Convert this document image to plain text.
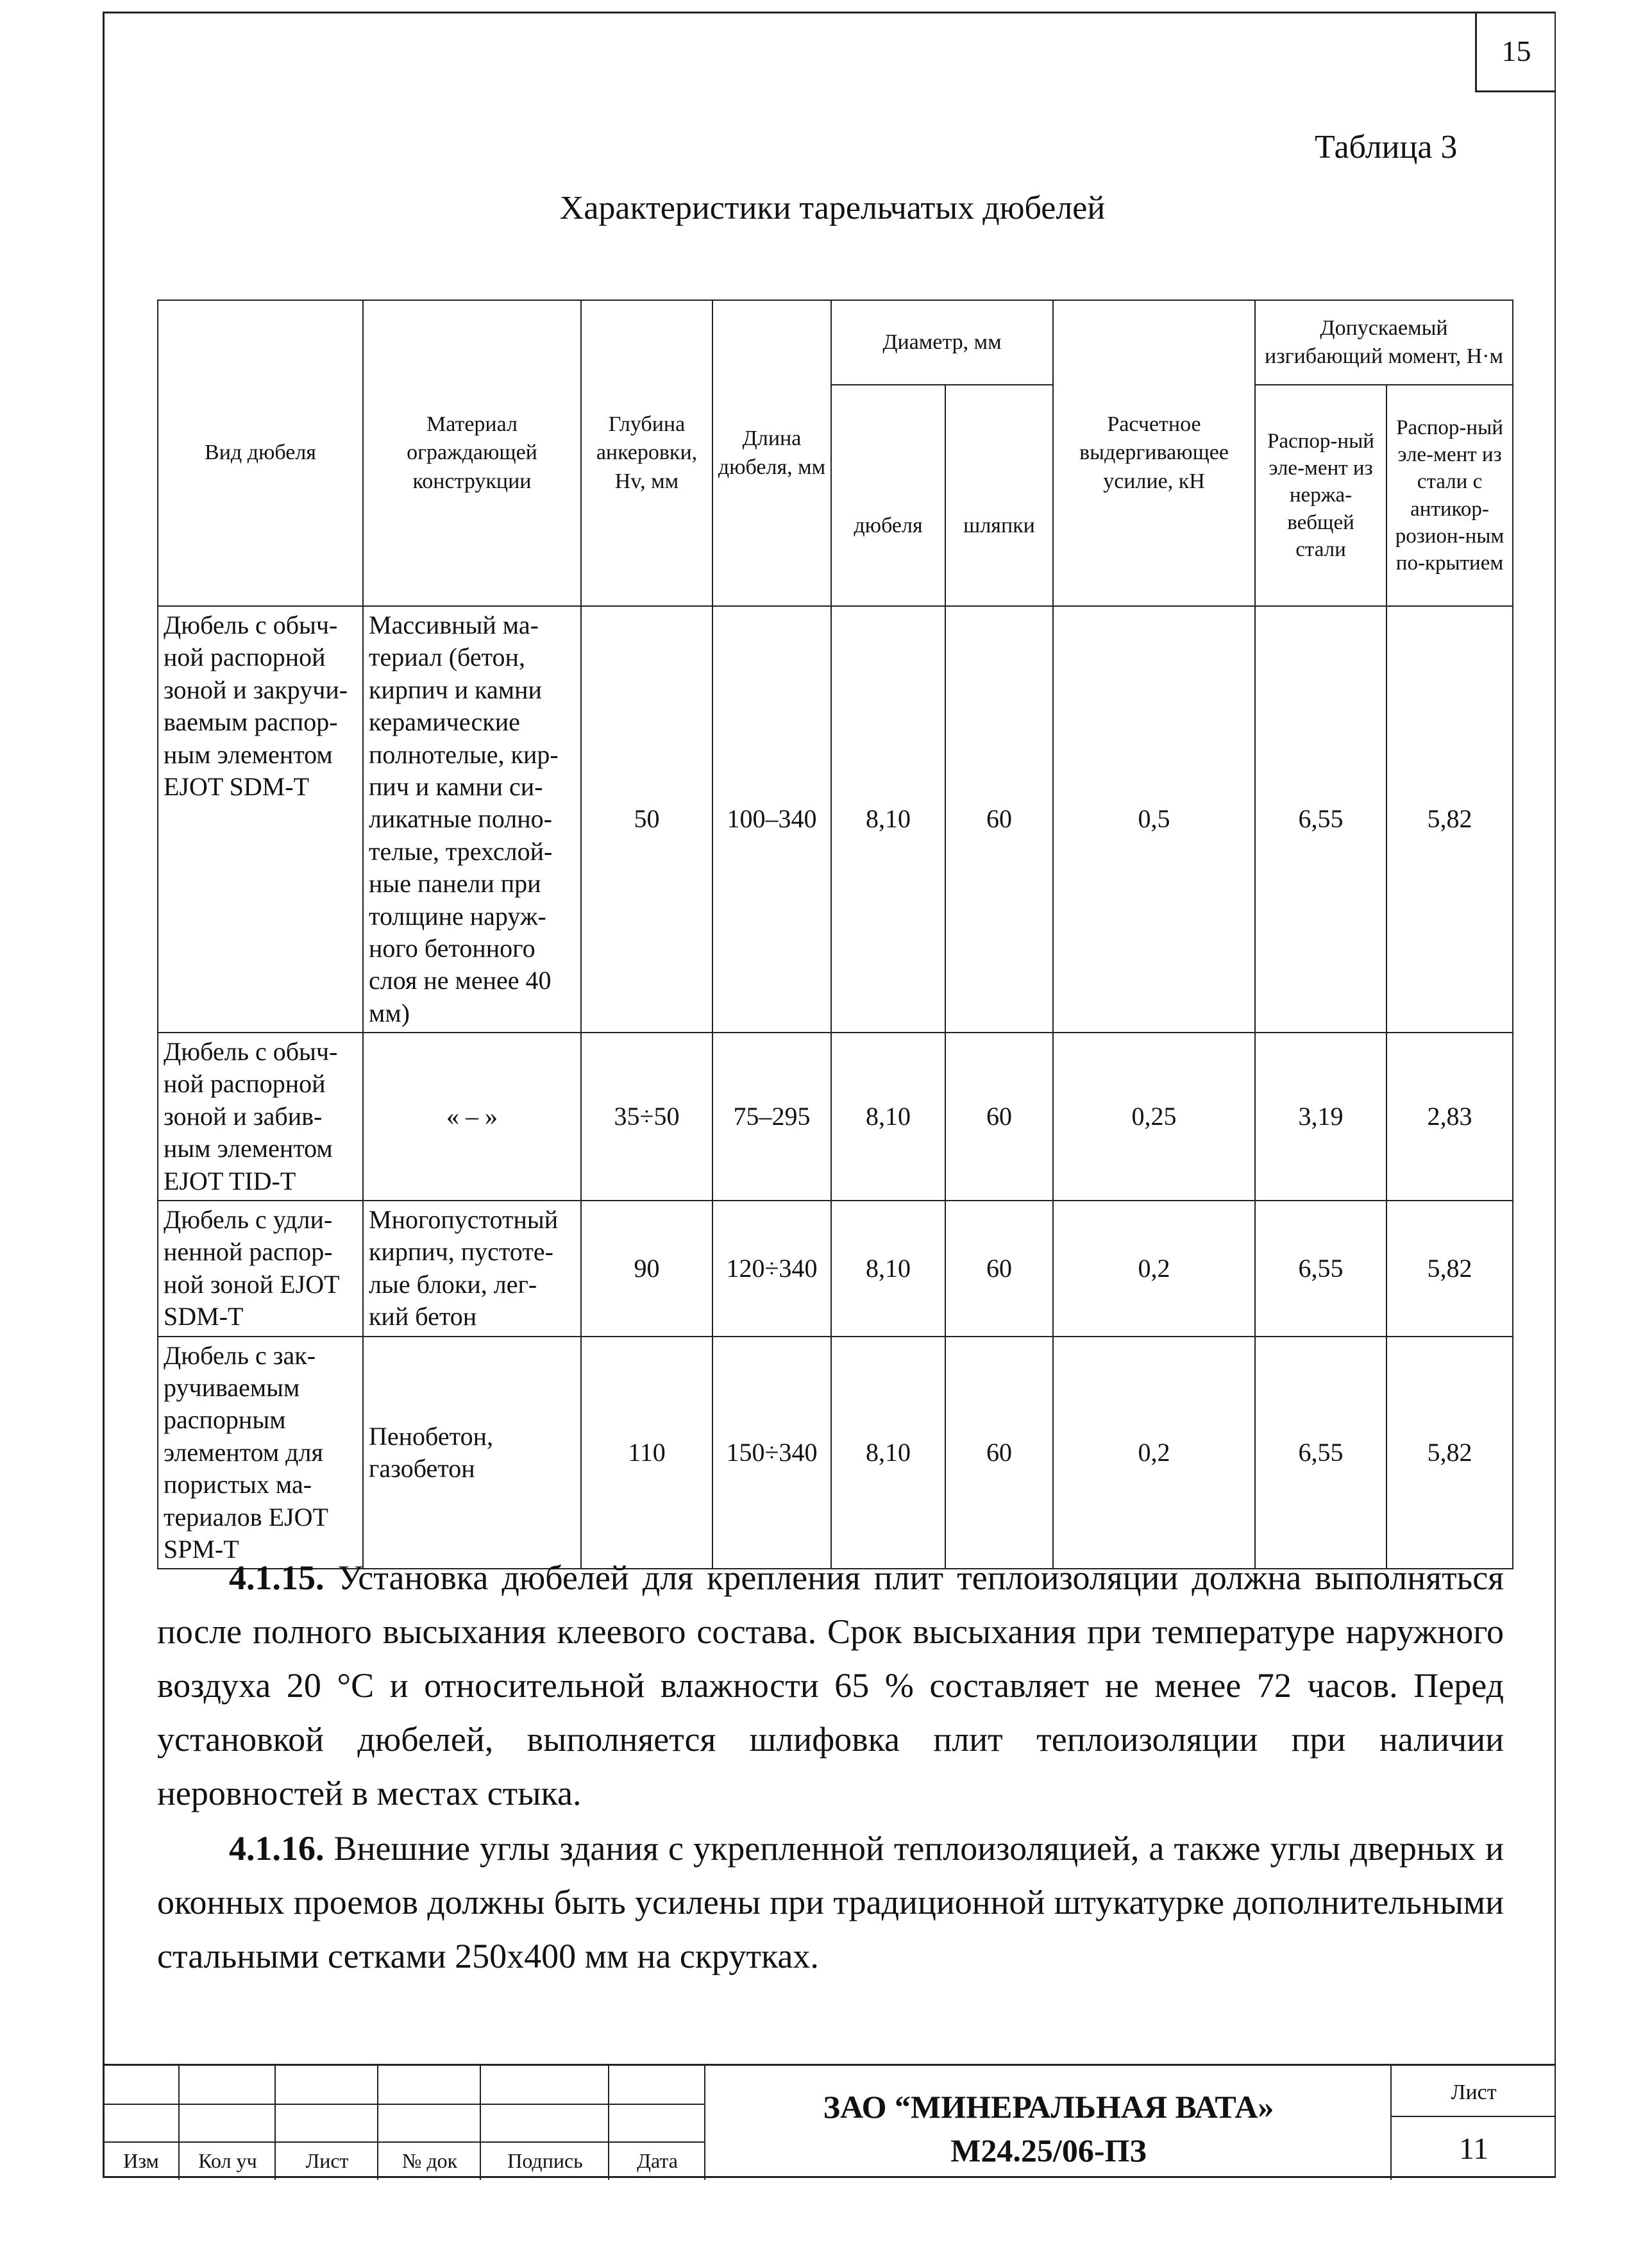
15
Таблица 3
Характеристики тарельчатых дюбелей
Вид дюбеля	Материал ограждающей конструкции	Глубина анкеровки, Hv, мм	Длина дюбеля, мм	Диаметр, мм		Расчетное выдергивающее усилие, кН	Допускаемый изгибающий момент, Н·м	
				дюбеля	шляпки		Распор-ный эле-мент из нержа-вебщей стали	Распор-ный эле-мент из стали с антикор-розион-ным по-крытием
Дюбель с обыч-ной распорной зоной и закручи-ваемым распор-ным элементом EJOT SDM-T	Массивный ма-териал (бетон, кирпич и камни керамические полнотелые, кир-пич и камни си-ликатные полно-телые, трехслой-ные панели при толщине наруж-ного бетонного слоя не менее 40 мм)	50	100–340	8,10	60	0,5	6,55	5,82
Дюбель с обыч-ной распорной зоной и забив-ным элементом EJOT TID-T	« – »	35÷50	75–295	8,10	60	0,25	3,19	2,83
Дюбель с удли-ненной распор-ной зоной EJOT SDM-T	Многопустотный кирпич, пустоте-лые блоки, лег-кий бетон	90	120÷340	8,10	60	0,2	6,55	5,82
Дюбель с зак-ручиваемым распорным элементом для пористых ма-териалов EJOT SPM-T	Пенобетон, газобетон	110	150÷340	8,10	60	0,2	6,55	5,82

4.1.15. Установка дюбелей для крепления плит теплоизоляции должна выполняться после полного высыхания клеевого состава. Срок высыхания при температуре наружного воздуха 20 °С и относительной влажности 65 % составляет не менее 72 часов. Перед установкой дюбелей, выполняется шлифовка плит теплоизоляции при наличии неровностей в местах стыка.

4.1.16. Внешние углы здания с укрепленной теплоизоляцией, а также углы дверных и оконных проемов должны быть усилены при традиционной штукатурке дополнительными стальными сетками 250х400 мм на скрутках.

Изм	Кол уч	Лист	№ док	Подпись	Дата
ЗАО “МИНЕРАЛЬНАЯ ВАТА»
М24.25/06-ПЗ
Лист
11
